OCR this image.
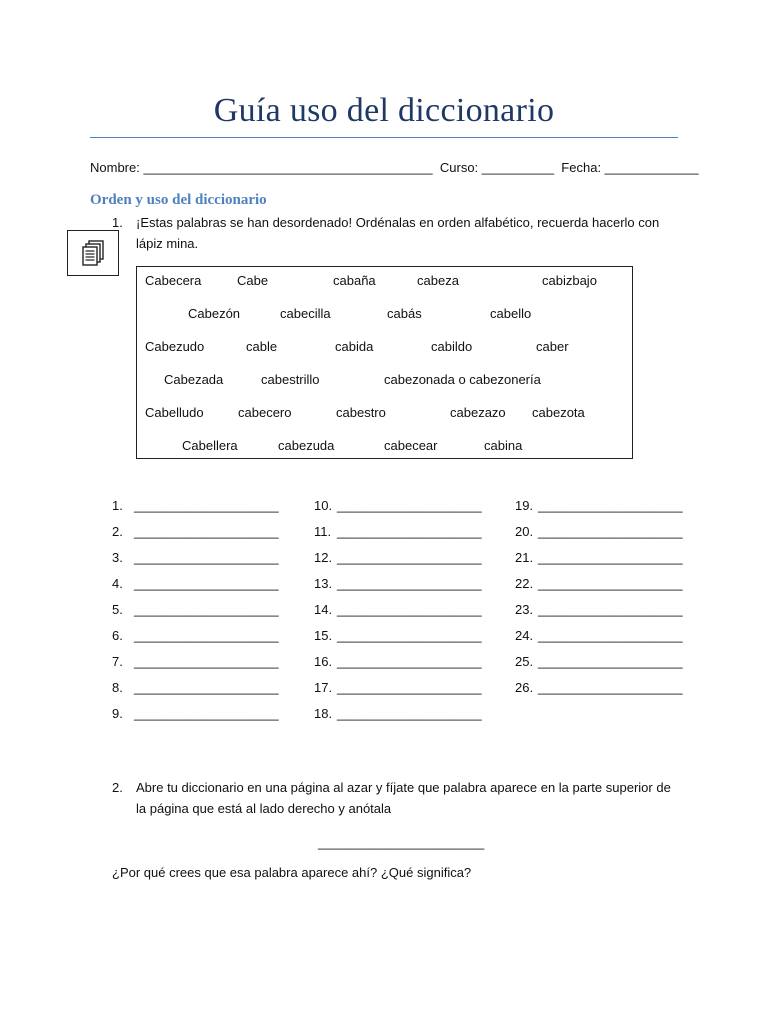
Guía uso del diccionario
Nombre: ________________________________________  Curso: __________  Fecha: _____________
Orden y uso del diccionario
1. ¡Estas palabras se han desordenado! Ordénalas en orden alfabético, recuerda hacerlo con lápiz mina.
Cabecera	Cabe	cabaña	cabeza	cabizbajo
Cabezón	cabecilla	cabás	cabello
Cabezudo	cable	cabida	cabildo	caber
Cabezada	cabestrillo	cabezonada o cabezonería
Cabelludo	cabecero	cabestro	cabezazo cabezota
Cabellera	cabezuda	cabecear	cabina
1. ____________________
2. ____________________
3. ____________________
4. ____________________
5. ____________________
6. ____________________
7. ____________________
8. ____________________
9. ____________________
10. ____________________
11. ____________________
12. ____________________
13. ____________________
14. ____________________
15. ____________________
16. ____________________
17. ____________________
18. ____________________
19. ____________________
20. ____________________
21. ____________________
22. ____________________
23. ____________________
24. ____________________
25. ____________________
26. ____________________
2. Abre tu diccionario en una página al azar y fíjate que palabra aparece en la parte superior de la página que está al lado derecho y anótala
_______________________
¿Por qué crees que esa palabra aparece ahí? ¿Qué significa?
